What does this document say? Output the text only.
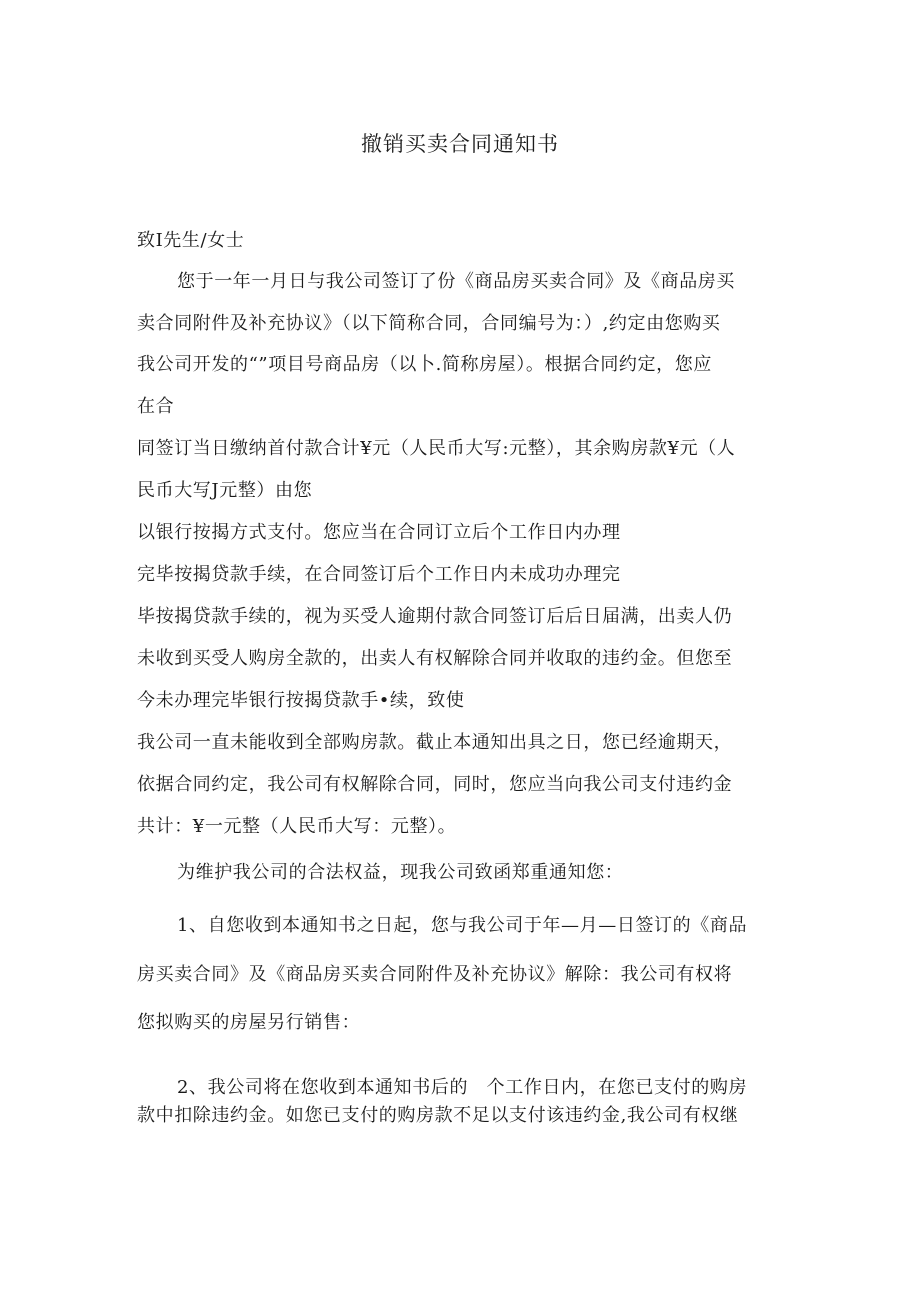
撤销买卖合同通知书
致I先生/女士
您于一年一月日与我公司签订了份《商品房买卖合同》及《商品房买
卖合同附件及补充协议》（以下简称合同，合同编号为：）,约定由您购买
我公司开发的“”项目号商品房（以卜.简称房屋）。根据合同约定，您应
在合
同签订当日缴纳首付款合计¥元（人民币大写:元整），其余购房款¥元（人
民币大写J元整）由您
以银行按揭方式支付。您应当在合同订立后个工作日内办理
完毕按揭贷款手续，在合同签订后个工作日内未成功办理完
毕按揭贷款手续的，视为买受人逾期付款合同签订后后日届满，出卖人仍
未收到买受人购房全款的，出卖人有权解除合同并收取的违约金。但您至
今未办理完毕银行按揭贷款手•续，致使
我公司一直未能收到全部购房款。截止本通知出具之日，您已经逾期天，
依据合同约定，我公司有权解除合同，同时，您应当向我公司支付违约金
共计：¥一元整（人民币大写：元整）。
为维护我公司的合法权益，现我公司致函郑重通知您：
1、自您收到本通知书之日起，您与我公司于年—月—日签订的《商品
房买卖合同》及《商品房买卖合同附件及补充协议》解除：我公司有权将
您拟购买的房屋另行销售：
2、我公司将在您收到本通知书后的　个工作日内，在您已支付的购房
款中扣除违约金。如您已支付的购房款不足以支付该违约金,我公司有权继
